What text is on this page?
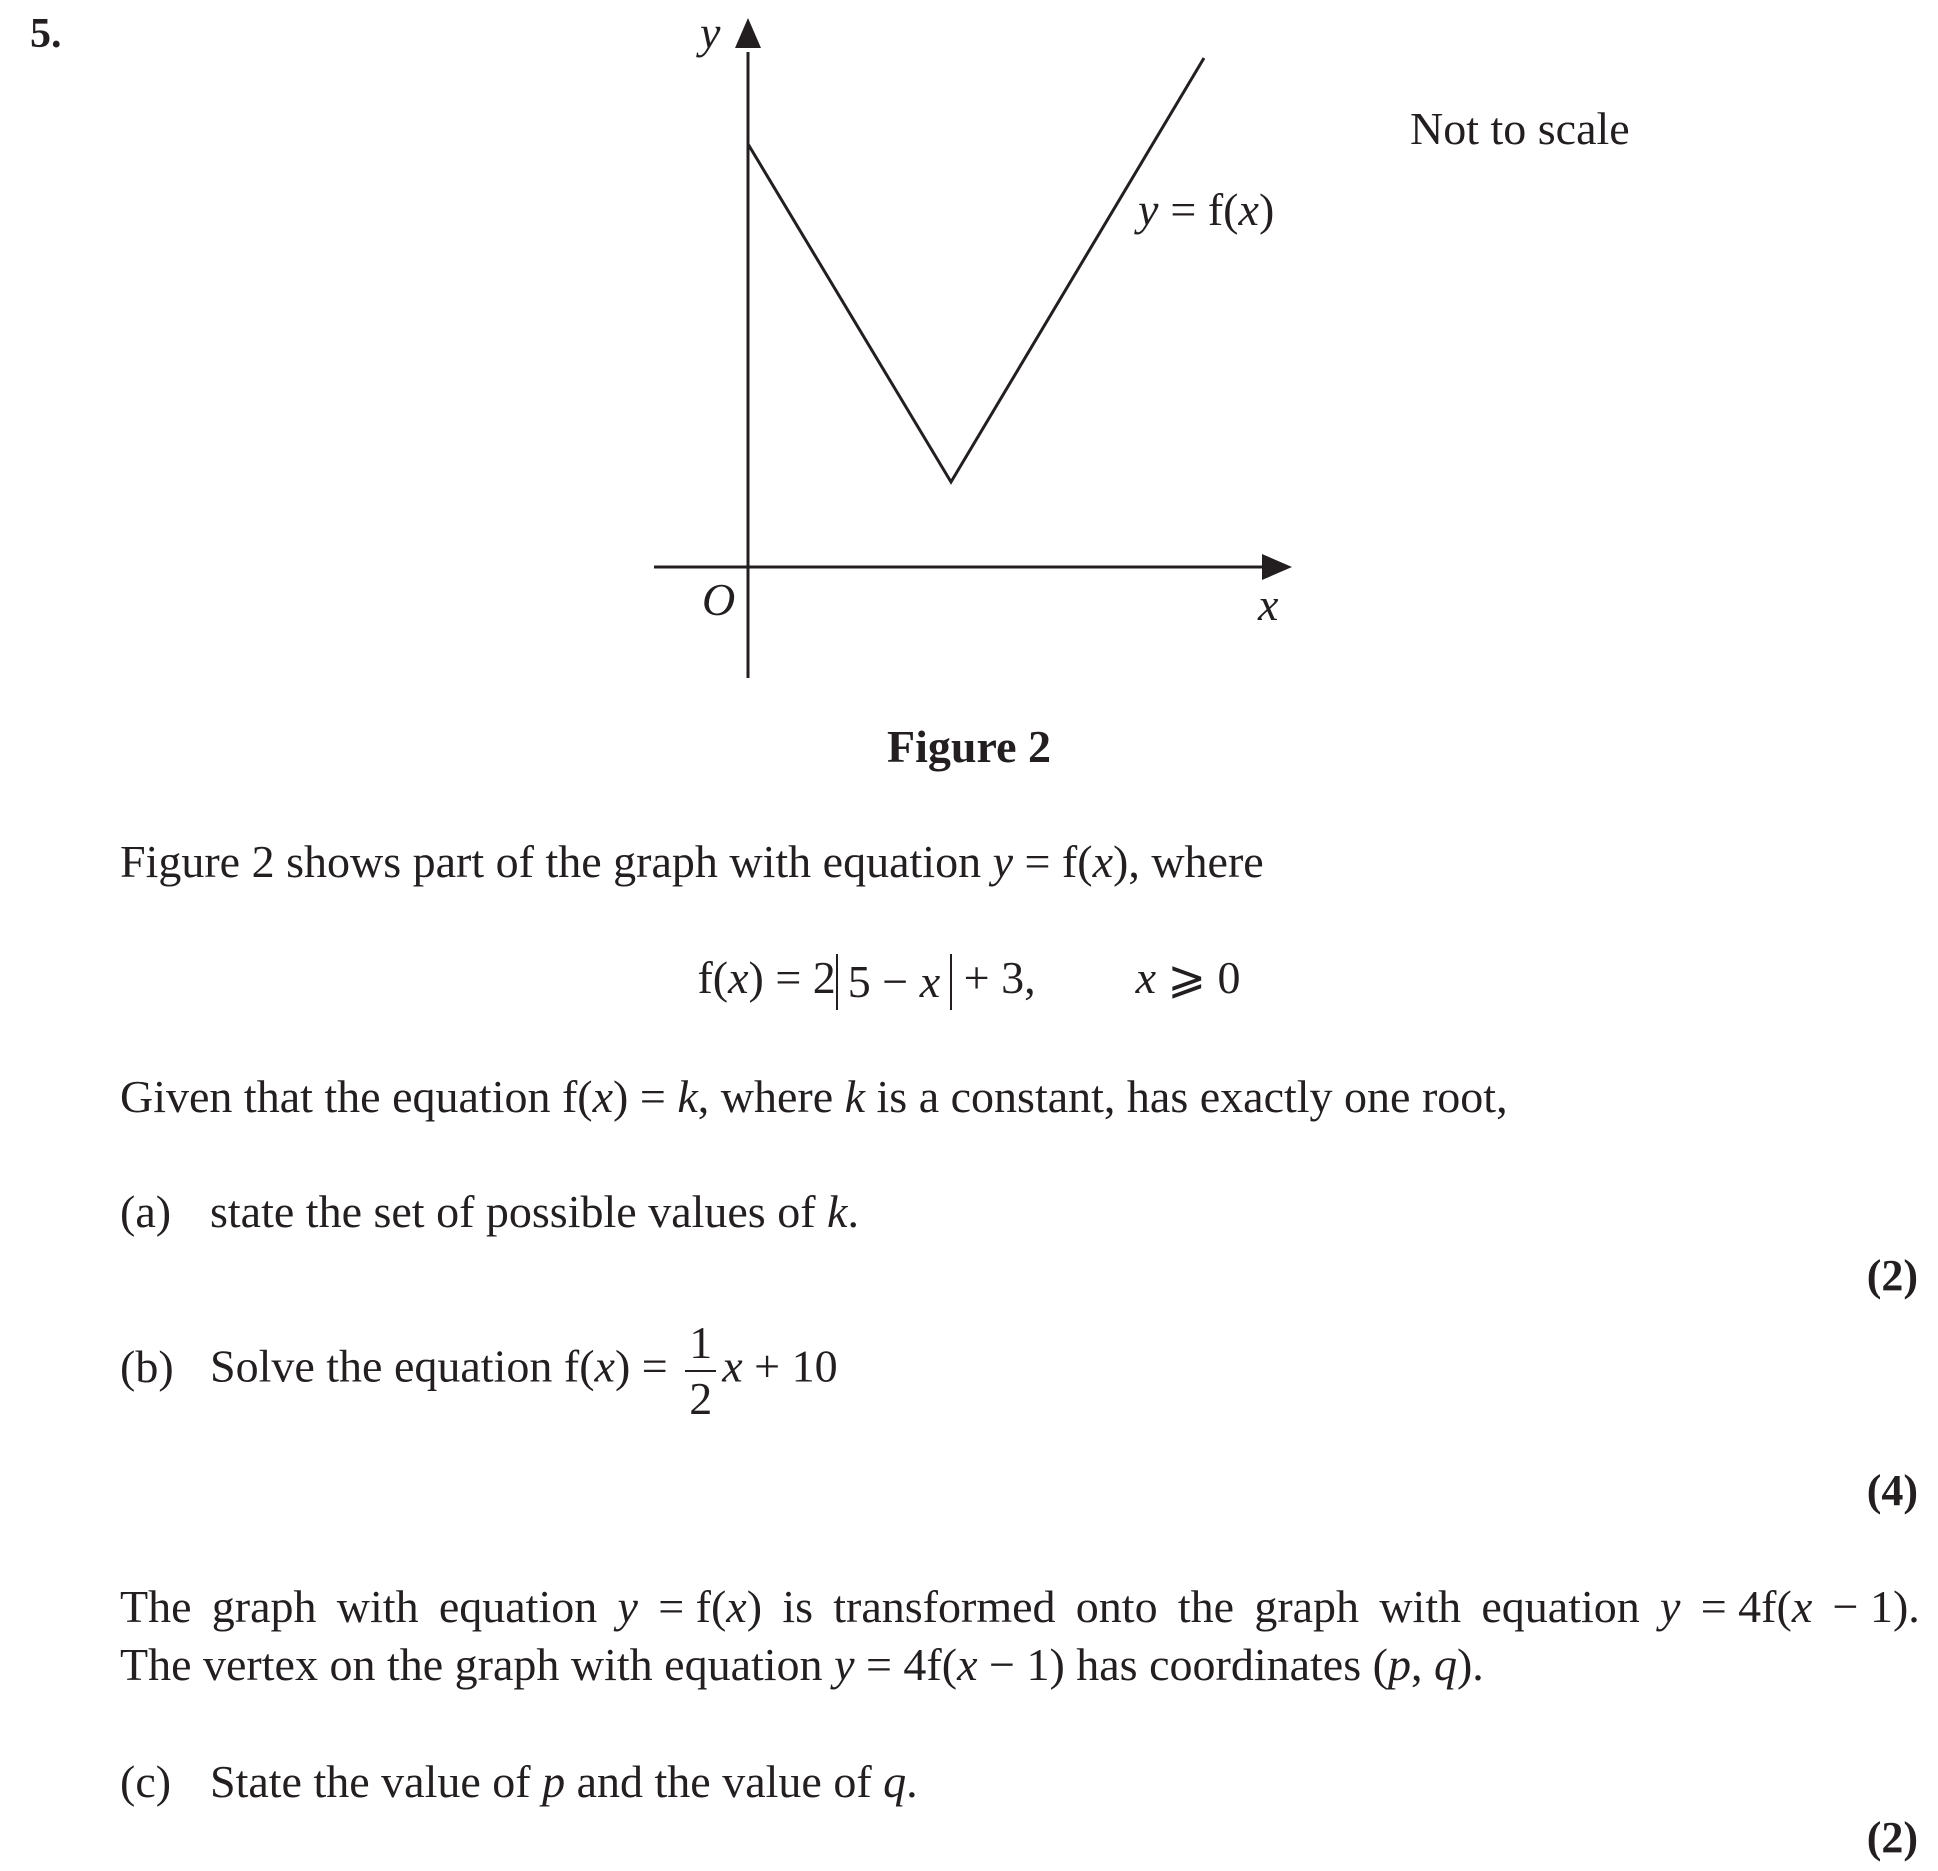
5.	y
x
O
y = f(x)
Not to scale
Figure 2
Figure 2 shows part of the graph with equation y = f(x), where
f(x) = 2 5 − x + 3, x ⩾ 0
Given that the equation f(x) = k, where k is a constant, has exactly one root,
(a) state the set of possible values of k.
(2)
(b) Solve the equation $f(x) = \frac{1}{2}$ x + 10
(4)
The graph with equation y = f(x) is transformed onto the graph with equation y = 4f(x − 1).
The vertex on the graph with equation y = 4f(x − 1) has coordinates (p, q).
(c) State the value of p and the value of q.
(2)
